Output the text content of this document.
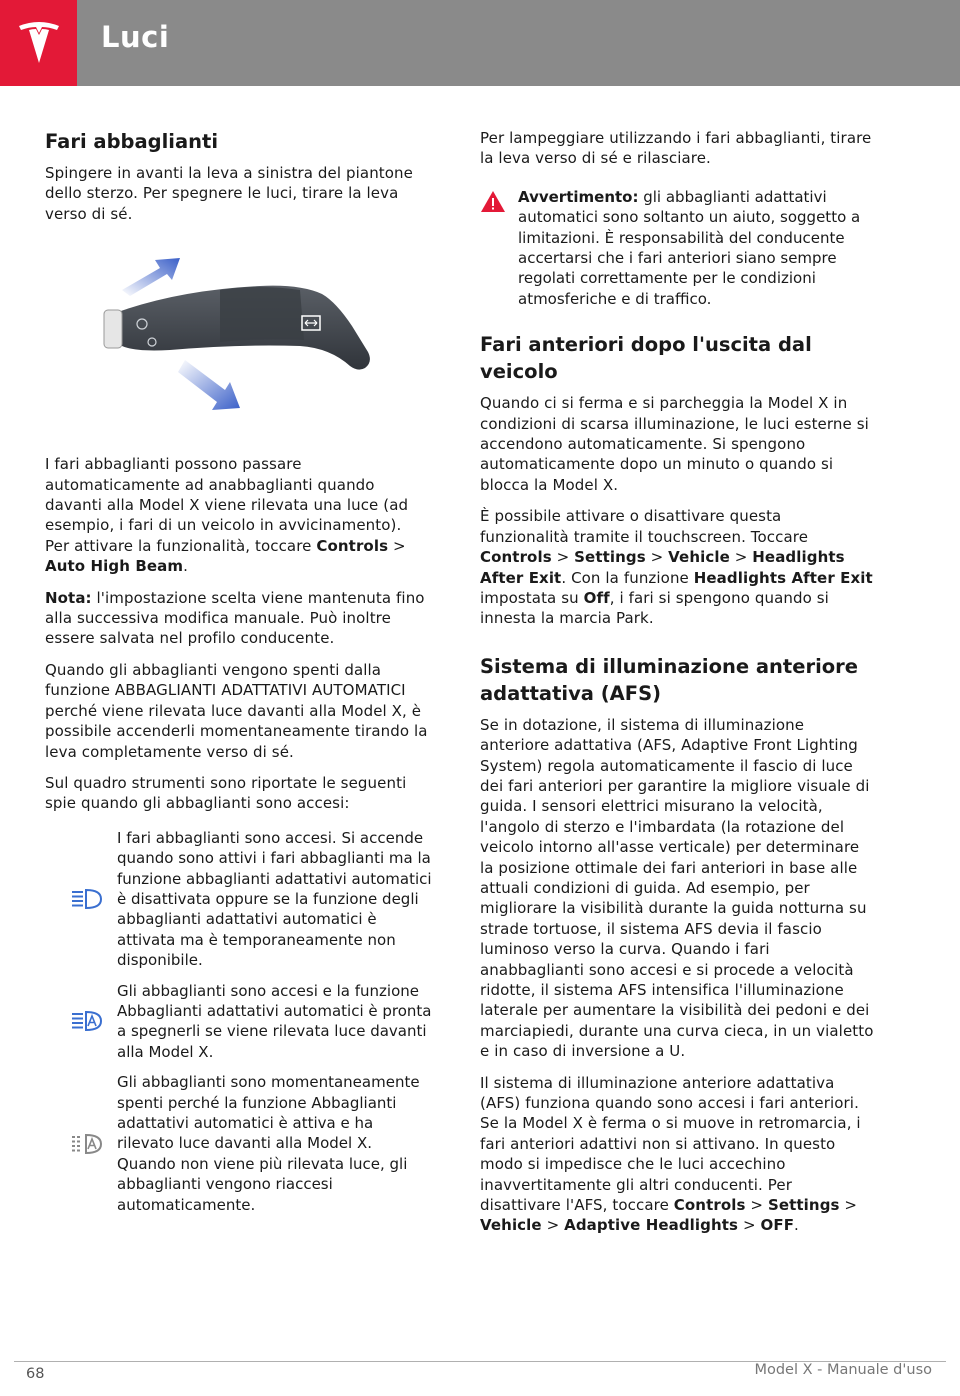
Luci
Fari abbaglianti

Spingere in avanti la leva a sinistra del piantone dello sterzo. Per spegnere le luci, tirare la leva verso di sé.

I fari abbaglianti possono passare automaticamente ad anabbaglianti quando davanti alla Model X viene rilevata una luce (ad esempio, i fari di un veicolo in avvicinamento). Per attivare la funzionalità, toccare Controls > Auto High Beam.

Nota: l'impostazione scelta viene mantenuta fino alla successiva modifica manuale. Può inoltre essere salvata nel profilo conducente.

Quando gli abbaglianti vengono spenti dalla funzione ABBAGLIANTI ADATTATIVI AUTOMATICI perché viene rilevata luce davanti alla Model X, è possibile accenderli momentaneamente tirando la leva completamente verso di sé.

Sul quadro strumenti sono riportate le seguenti spie quando gli abbaglianti sono accesi:

I fari abbaglianti sono accesi. Si accende quando sono attivi i fari abbaglianti ma la funzione abbaglianti adattativi automatici è disattivata oppure se la funzione degli abbaglianti adattativi automatici è attivata ma è temporaneamente non disponibile.
Gli abbaglianti sono accesi e la funzione Abbaglianti adattativi automatici è pronta a spegnerli se viene rilevata luce davanti alla Model X.
Gli abbaglianti sono momentaneamente spenti perché la funzione Abbaglianti adattativi automatici è attiva e ha rilevato luce davanti alla Model X. Quando non viene più rilevata luce, gli abbaglianti vengono riaccesi automaticamente.

Per lampeggiare utilizzando i fari abbaglianti, tirare la leva verso di sé e rilasciare.

Avvertimento: gli abbaglianti adattativi automatici sono soltanto un aiuto, soggetto a limitazioni. È responsabilità del conducente accertarsi che i fari anteriori siano sempre regolati correttamente per le condizioni atmosferiche e di traffico.
Fari anteriori dopo l'uscita dal veicolo

Quando ci si ferma e si parcheggia la Model X in condizioni di scarsa illuminazione, le luci esterne si accendono automaticamente. Si spengono automaticamente dopo un minuto o quando si blocca la Model X.

È possibile attivare o disattivare questa funzionalità tramite il touchscreen. Toccare Controls > Settings > Vehicle > Headlights After Exit. Con la funzione Headlights After Exit impostata su Off, i fari si spengono quando si innesta la marcia Park.

Sistema di illuminazione anteriore adattativa (AFS)

Se in dotazione, il sistema di illuminazione anteriore adattativa (AFS, Adaptive Front Lighting System) regola automaticamente il fascio di luce dei fari anteriori per garantire la migliore visuale di guida. I sensori elettrici misurano la velocità, l'angolo di sterzo e l'imbardata (la rotazione del veicolo intorno all'asse verticale) per determinare la posizione ottimale dei fari anteriori in base alle attuali condizioni di guida. Ad esempio, per migliorare la visibilità durante la guida notturna su strade tortuose, il sistema AFS devia il fascio luminoso verso la curva. Quando i fari anabbaglianti sono accesi e si procede a velocità ridotte, il sistema AFS intensifica l'illuminazione laterale per aumentare la visibilità dei pedoni e dei marciapiedi, durante una curva cieca, in un vialetto e in caso di inversione a U.

Il sistema di illuminazione anteriore adattativa (AFS) funziona quando sono accesi i fari anteriori. Se la Model X è ferma o si muove in retromarcia, i fari anteriori adattivi non si attivano. In questo modo si impedisce che le luci accechino inavvertitamente gli altri conducenti. Per disattivare l'AFS, toccare Controls > Settings > Vehicle > Adaptive Headlights > OFF.

68	Model X - Manuale d'uso
